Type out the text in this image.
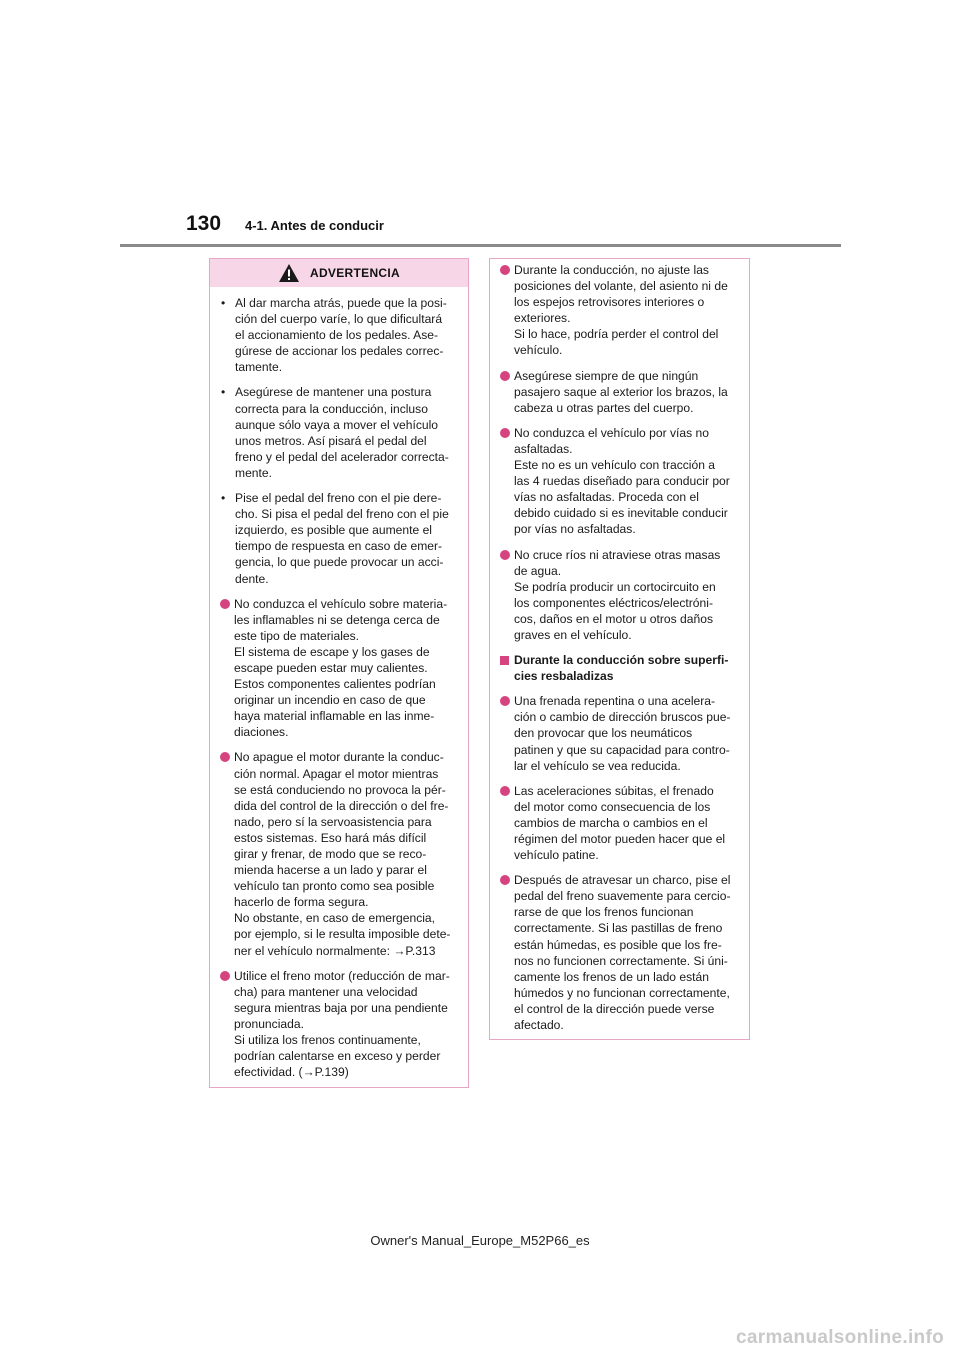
130 4-1. Antes de conducir
ADVERTENCIA
• Al dar marcha atrás, puede que la posi-
ción del cuerpo varíe, lo que dificultará
el accionamiento de los pedales. Ase-
gúrese de accionar los pedales correc-
tamente.
• Asegúrese de mantener una postura
correcta para la conducción, incluso
aunque sólo vaya a mover el vehículo
unos metros. Así pisará el pedal del
freno y el pedal del acelerador correcta-
mente.
• Pise el pedal del freno con el pie dere-
cho. Si pisa el pedal del freno con el pie
izquierdo, es posible que aumente el
tiempo de respuesta en caso de emer-
gencia, lo que puede provocar un acci-
dente.
No conduzca el vehículo sobre materia-
les inflamables ni se detenga cerca de
este tipo de materiales.
El sistema de escape y los gases de
escape pueden estar muy calientes.
Estos componentes calientes podrían
originar un incendio en caso de que
haya material inflamable en las inme-
diaciones.
No apague el motor durante la conduc-
ción normal. Apagar el motor mientras
se está conduciendo no provoca la pér-
dida del control de la dirección o del fre-
nado, pero sí la servoasistencia para
estos sistemas. Eso hará más difícil
girar y frenar, de modo que se reco-
mienda hacerse a un lado y parar el
vehículo tan pronto como sea posible
hacerlo de forma segura.
No obstante, en caso de emergencia,
por ejemplo, si le resulta imposible dete-
ner el vehículo normalmente: →P.313
Utilice el freno motor (reducción de mar-
cha) para mantener una velocidad
segura mientras baja por una pendiente
pronunciada.
Si utiliza los frenos continuamente,
podrían calentarse en exceso y perder
efectividad. (→P.139)
Durante la conducción, no ajuste las
posiciones del volante, del asiento ni de
los espejos retrovisores interiores o
exteriores.
Si lo hace, podría perder el control del
vehículo.
Asegúrese siempre de que ningún
pasajero saque al exterior los brazos, la
cabeza u otras partes del cuerpo.
No conduzca el vehículo por vías no
asfaltadas.
Este no es un vehículo con tracción a
las 4 ruedas diseñado para conducir por
vías no asfaltadas. Proceda con el
debido cuidado si es inevitable conducir
por vías no asfaltadas.
No cruce ríos ni atraviese otras masas
de agua.
Se podría producir un cortocircuito en
los componentes eléctricos/electróni-
cos, daños en el motor u otros daños
graves en el vehículo.
Durante la conducción sobre superfi-
cies resbaladizas
Una frenada repentina o una acelera-
ción o cambio de dirección bruscos pue-
den provocar que los neumáticos
patinen y que su capacidad para contro-
lar el vehículo se vea reducida.
Las aceleraciones súbitas, el frenado
del motor como consecuencia de los
cambios de marcha o cambios en el
régimen del motor pueden hacer que el
vehículo patine.
Después de atravesar un charco, pise el
pedal del freno suavemente para cercio-
rarse de que los frenos funcionan
correctamente. Si las pastillas de freno
están húmedas, es posible que los fre-
nos no funcionen correctamente. Si úni-
camente los frenos de un lado están
húmedos y no funcionan correctamente,
el control de la dirección puede verse
afectado.
Owner's Manual_Europe_M52P66_es
carmanualsonline.info
